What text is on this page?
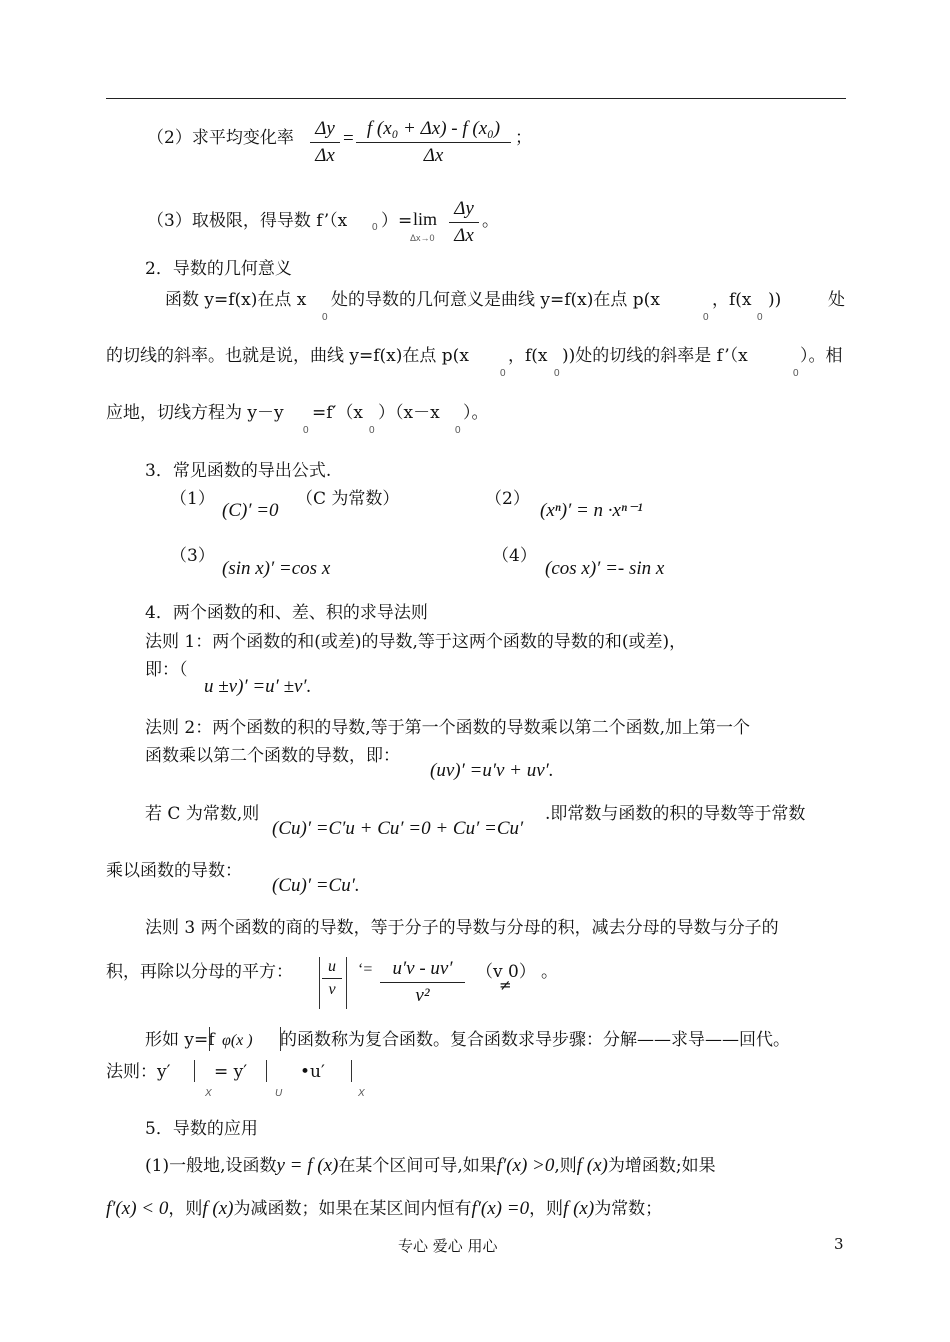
（2）求平均变化率 Δy
Δx
= f (x₀ + Δx) - f (x₀)
Δx
；
（3）取极限，得导数 f’（x 0 ）= lim
Δx→0
Δy
Δx
。
2．导数的几何意义
函数 y=f(x)在点 x
0
处的导数的几何意义是曲线 y=f(x)在点 p(x
0
，f(x
0
))	处
的切线的斜率。也就是说，曲线 y=f(x)在点 p(x
0
，f(x
0
))处的切线的斜率是 f’（x
0
）。相
应地，切线方程为 y－y
0
=f′（x
0
）（x－x
0
）。
3．常见函数的导出公式.
（1）
(C)′ =0
（C 为常数）	（2）
(xⁿ)′ = n ·xⁿ⁻¹
（3）
(sin x)′ =cos x
（4）
(cos x)′ =- sin x
4．两个函数的和、差、积的求导法则
法则 1：两个函数的和(或差)的导数,等于这两个函数的导数的和(或差)，
即：（
u ±v)′ =u′ ±v′.
法则 2：两个函数的积的导数,等于第一个函数的导数乘以第二个函数,加上第一个
函数乘以第二个函数的导数，即：
(uv)′ =u′v + uv′.
若 C 为常数,则
(Cu)′ =C′u + Cu′ =0 + Cu′ =Cu′
.即常数与函数的积的导数等于常数
乘以函数的导数：
(Cu)′ =Cu′.
法则 3 两个函数的商的导数，等于分子的导数与分母的积，减去分母的导数与分子的
积，再除以分母的平方：	u
v
‘=	u′v - uv′
v²
（v
≠
0） 。
形如 y=f φ(x ) 的函数称为复合函数。复合函数求导步骤：分解——求导——回代。
法则：y′
X
= y′
U
•u′
X
5．导数的应用
(1)一般地,设函数y = f (x)在某个区间可导,如果f′(x) >0,则f (x)为增函数;如果
f′(x) < 0，则f (x)为减函数；如果在某区间内恒有f′(x) =0，则f (x)为常数；
专心 爱心 用心	3
